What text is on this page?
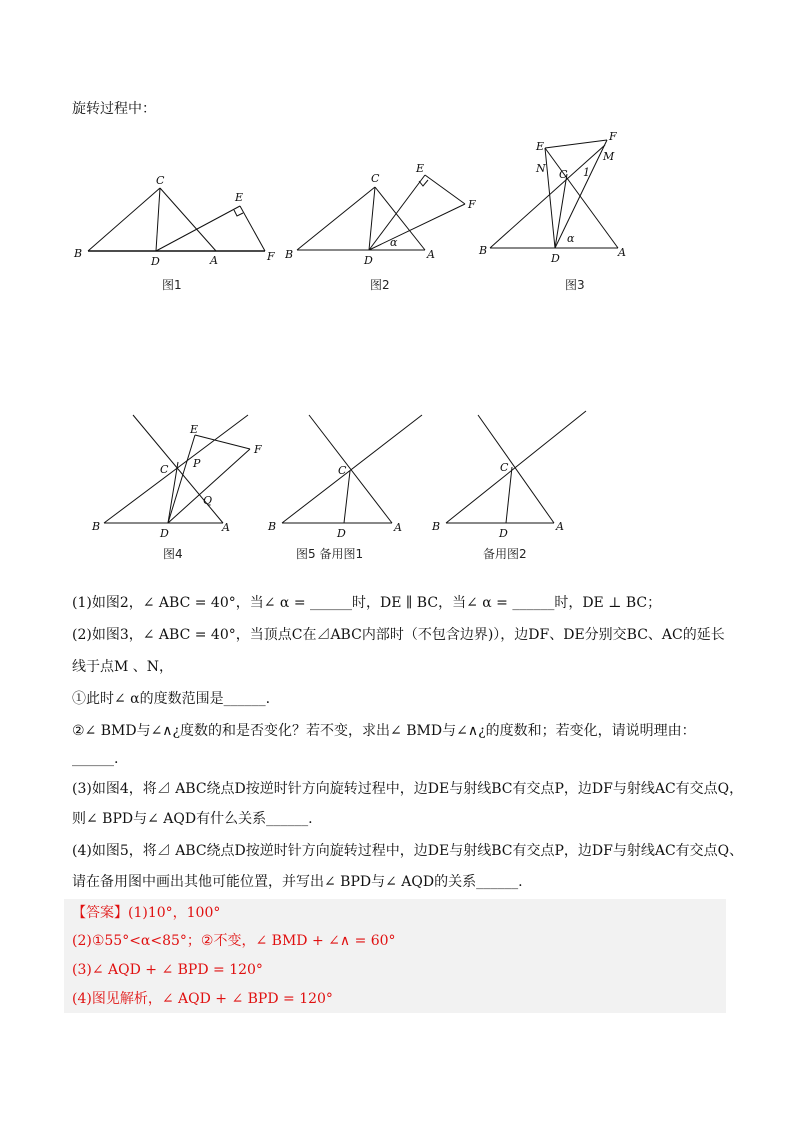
旋转过程中：
B
C
D	A
E
F
图1
B
C
D	A
E
F
α
图2
B
C
D	A
E
F
M
N	1
α
图3
B
C
D	A
E
F
P
Q
图4
B
C
D	A
图5 备用图1
B
C
D
A
备用图2
(1)如图2，∠ ABC = 40°，当∠ α = ______时，DE ∥ BC，当∠ α = ______时，DE ⊥ BC；
(2)如图3，∠ ABC = 40°，当顶点C在⊿ABC内部时（不包含边界)），边DF、DE分别交BC、AC的延长
线于点M 、N，
①此时∠ α的度数范围是______.
②∠ BMD与∠∧¿度数的和是否变化？若不变，求出∠ BMD与∠∧¿的度数和；若变化，请说明理由：
______.
(3)如图4，将⊿ ABC绕点D按逆时针方向旋转过程中，边DE与射线BC有交点P，边DF与射线AC有交点Q，
则∠ BPD与∠ AQD有什么关系______.
(4)如图5，将⊿ ABC绕点D按逆时针方向旋转过程中，边DE与射线BC有交点P，边DF与射线AC有交点Q、
请在备用图中画出其他可能位置，并写出∠ BPD与∠ AQD的关系______.
【答案】(1)10°，100°
(2)①55°<α<85°；②不变，∠ BMD + ∠∧ = 60°
(3)∠ AQD + ∠ BPD = 120°
(4)图见解析，∠ AQD + ∠ BPD = 120°
